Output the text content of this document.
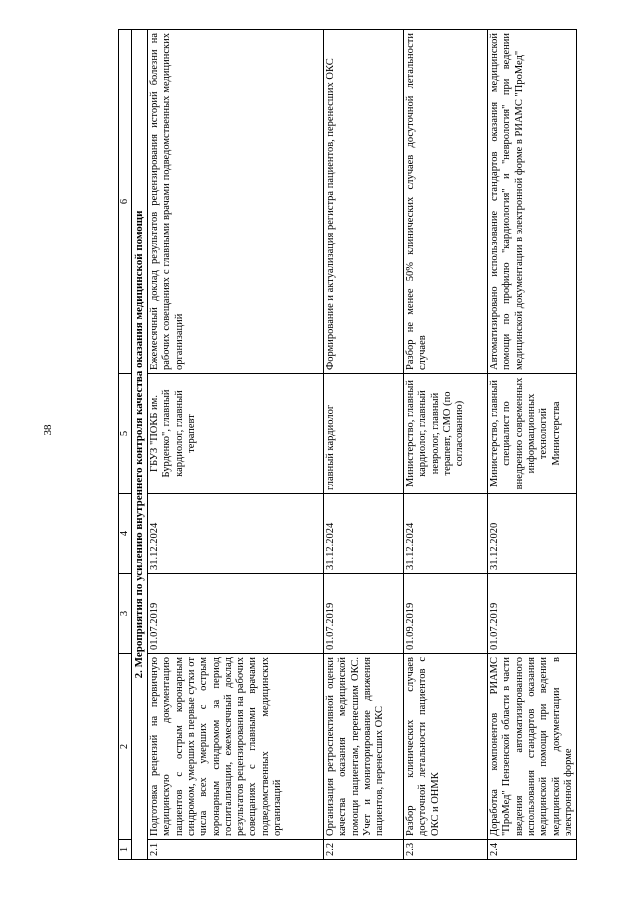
38
1	2	3	4	5	6
2. Мероприятия по усилению внутреннего контроля качества оказания медицинской помощи					
2.1	Подготовка рецензий на первичную медицинскую документацию пациентов с острым коронарным синдромом, умерших в первые сутки от числа всех умерших с острым коронарным синдромом за период госпитализации, ежемесячный доклад результатов рецензирования на рабочих совещаниях с главными врачами подведомственных медицинских организаций	01.07.2019	31.12.2024	ГБУЗ "ПОКБ им. Бурденко", главный кардиолог, главный терапевт	Ежемесячный доклад результатов рецензирования историй болезни на рабочих совещаниях с главными врачами подведомственных медицинских организаций
2.2	Организация ретроспективной оценки качества оказания медицинской помощи пациентам, перенесшим ОКС. Учет и мониторирование движения пациентов, перенесших ОКС	01.07.2019	31.12.2024	главный кардиолог	Формирование и актуализация регистра пациентов, перенесших ОКС
2.3	Разбор клинических случаев досуточной летальности пациентов с ОКС и ОНМК	01.09.2019	31.12.2024	Министерство, главный кардиолог, главный невролог, главный терапевт, СМО (по согласованию)	Разбор не менее 50% клинических случаев досуточной летальности случаев
2.4	Доработка компонентов РИАМС "ПроМед" Пензенской области в части введения автоматизированного использования стандартов оказания медицинской помощи при ведении медицинской документации в электронной форме	01.07.2019	31.12.2020	Министерство, главный специалист по внедрению современных информационных технологий Министерства	Автоматизировано использование стандартов оказания медицинской помощи по профилю "кардиология" и "неврология" при ведении медицинской документации в электронной форме в РИАМС "ПроМед"
